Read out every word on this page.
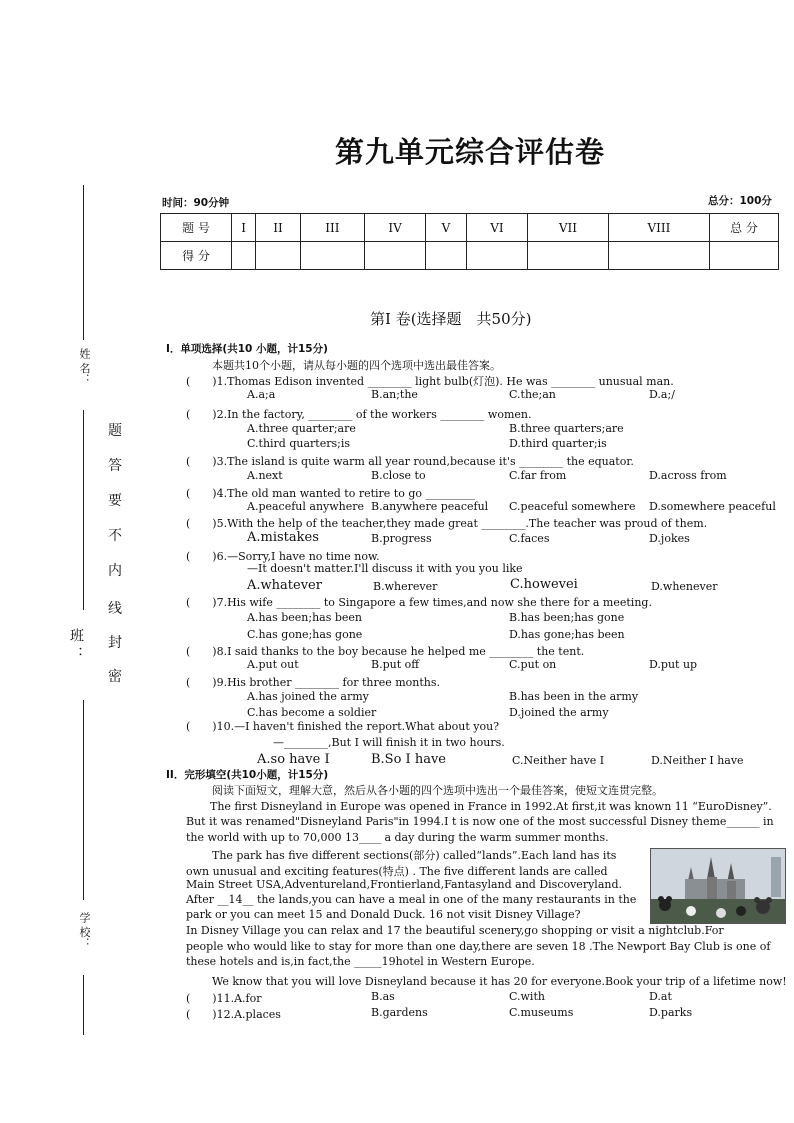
姓 名：
班 ：
学 校：
题
答
要
不
内
线
封
密
第九单元综合评估卷
时间：90分钟	总分：100分
题 号	I	II	III	IV	V	VI	VII	VIII	总 分
得 分									
第I 卷(选择题　共50分)
I．单项选择(共10 小题，计15分)
本题共10个小题，请从每小题的四个选项中选出最佳答案。
(　　)1.Thomas Edison invented ________ light bulb(灯泡). He was ________ unusual man.
A.a;a	B.an;the	C.the;an	D.a;/
(　　)2.In the factory, ________ of the workers ________ women.
A.three quarter;are	B.three quarters;are
C.third quarters;is	D.third quarter;is
(　　)3.The island is quite warm all year round,because it's ________ the equator.
A.next	B.close to	C.far from	D.across from
(　　)4.The old man wanted to retire to go _________
A.peaceful anywhere B.anywhere peaceful C.peaceful somewhere D.somewhere peaceful
(　　)5.With the help of the teacher,they made great ________.The teacher was proud of them.
A.mistakes	B.progress	C.faces	D.jokes
(　　)6.—Sorry,I have no time now.
—It doesn't matter.I'll discuss it with you you like
A.whatever	B.wherever	C.howevei	D.whenever
(　　)7.His wife ________ to Singapore a few times,and now she there for a meeting.
A.has been;has been	B.has been;has gone
C.has gone;has gone	D.has gone;has been
(　　)8.I said thanks to the boy because he helped me ________ the tent.
A.put out	B.put off	C.put on	D.put up
(　　)9.His brother ________ for three months.
A.has joined the army	B.has been in the army
C.has become a soldier	D.joined the army
(　　)10.—I haven't finished the report.What about you?
—________,But I will finish it in two hours.
A.so have I	B.So I have	C.Neither have I	D.Neither I have
II．完形填空(共10小题，计15分)
阅读下面短文，理解大意，然后从各小题的四个选项中选出一个最佳答案，使短文连贯完整。
The first Disneyland in Europe was opened in France in 1992.At first,it was known 11 “EuroDisney”.
But it was renamed"Disneyland Paris"in 1994.I t is now one of the most successful Disney theme______ in
the world with up to 70,000 13____ a day during the warm summer months.
The park has five different sections(部分) called“lands”.Each land has its
own unusual and exciting features(特点) . The five different lands are called
Main Street USA,Adventureland,Frontierland,Fantasyland and Discoveryland.
After __14__ the lands,you can have a meal in one of the many restaurants in the
park or you can meet 15 and Donald Duck. 16 not visit Disney Village?
In Disney Village you can relax and 17 the beautiful scenery,go shopping or visit a nightclub.For
people who would like to stay for more than one day,there are seven 18 .The Newport Bay Club is one of
these hotels and is,in fact,the _____19hotel in Western Europe.
We know that you will love Disneyland because it has 20 for everyone.Book your trip of a lifetime now!
(　　)11.A.for	B.as	C.with	D.at
(　　)12.A.places	B.gardens	C.museums	D.parks
